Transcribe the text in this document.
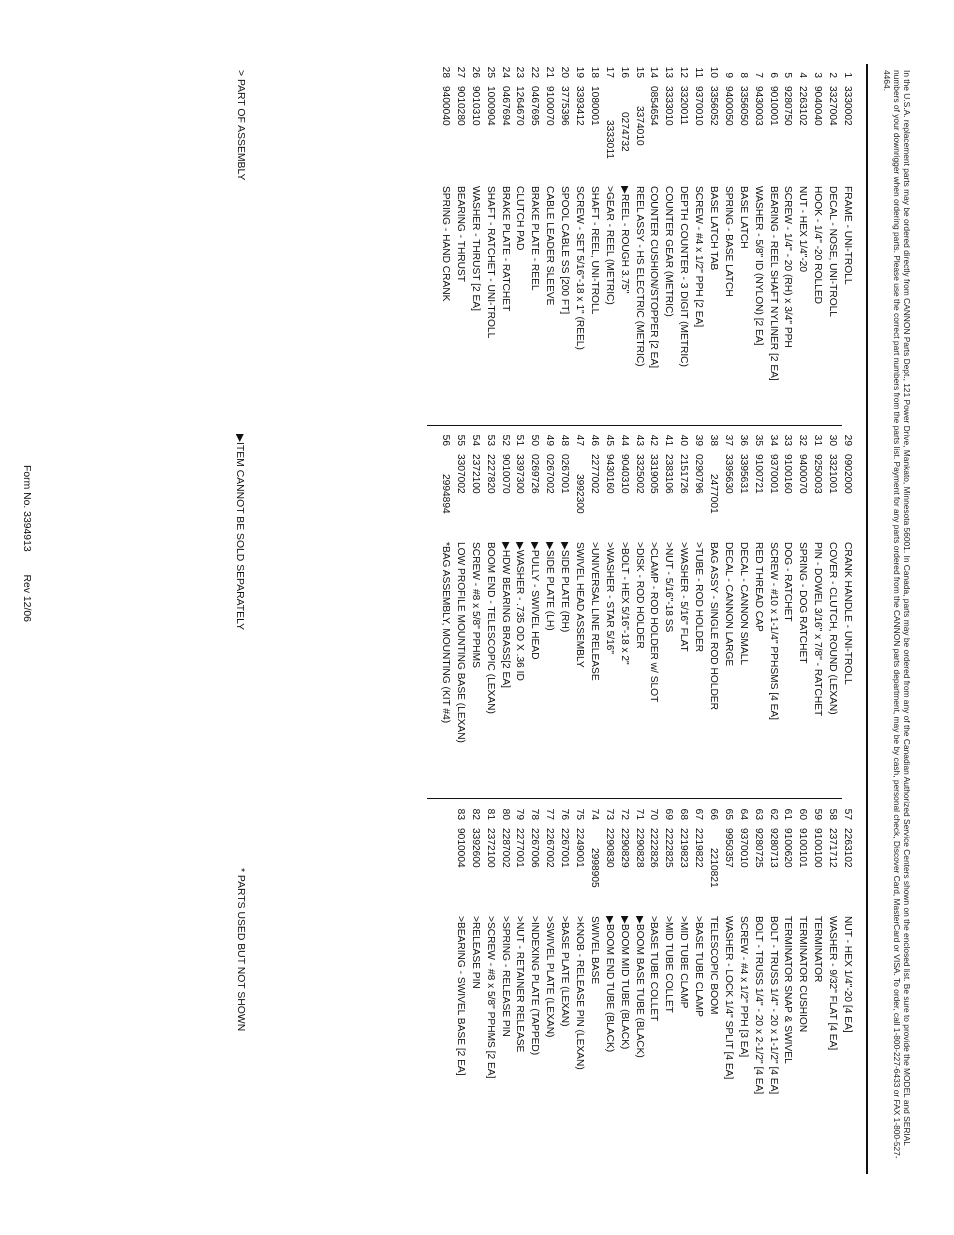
In the U.S.A. replacement parts may be ordered directly from CANNON Parts Dept., 121 Power Drive, Mankato, Minnesota 56001. In Canada, parts may be ordered from any of the Canadian Authorized Service Centers shown on the enclosed list. Be sure to provide the MODEL and SERIAL numbers of your downrigger when ordering parts. Please use the correct part numbers from the parts list. Payment for any parts ordered from the CANNON parts department, may be by cash, personal check, Discover Card, MasterCard or VISA. To order, call 1-800-227-6433 or FAX 1-800-527-4464.
1
3330002
FRAME - UNI-TROLL
2
3327004
DECAL - NOSE, UNI-TROLL
3
9040040
HOOK - 1/4" -20 ROLLED
4
2263102
NUT - HEX 1/4"-20
5
9280750
SCREW - 1/4" - 20 (RH) x 3/4" PPH
6
9010001
BEARING - REEL SHAFT NYLINER [2 EA]
7
9430003
WASHER - 5/8" ID (NYLON) [2 EA]
8
3356050
BASE LATCH
9
9400050
SPRING - BASE LATCH
10
3356052
BASE LATCH TAB
11
9370010
SCREW - #4 x 1/2" PPH [2 EA]
12
3320011
DEPTH COUNTER - 3 DIGIT (METRIC)
13
3333010
COUNTER GEAR (METRIC)
14
0854654
COUNTER CUSHION/STOPPER [2 EA]
15
3374010
REEL ASSY - HS ELECTRIC (METRIC)
16
0274732
▶REEL - ROUGH 3.75"
17
3333011
>GEAR - REEL (METRIC)
18
1080001
SHAFT - REEL, UNI-TROLL
19
3393412
SCREW - SET 5/16"-18 x 1" (REEL)
20
3775396
SPOOL CABLE SS [200 FT]
21
9100070
CABLE LEADER SLEEVE
22
0467695
BRAKE PLATE - REEL
23
1264670
CLUTCH PAD
24
0467694
BRAKE PLATE - RATCHET
25
1000904
SHAFT - RATCHET - UNI-TROLL
26
9010310
WASHER - THRUST [2 EA]
27
9010280
BEARING - THRUST
28
9400040
SPRING - HAND CRANK
29
0902000
CRANK HANDLE - UNI-TROLL
30
3321001
COVER - CLUTCH, ROUND (LEXAN)
31
9250003
PIN - DOWEL 3/16" x 7/8" - RATCHET
32
9400070
SPRING - DOG RATCHET
33
9100160
DOG - RATCHET
34
9370001
SCREW - #10 x 1-1/4" PPHSMS [4 EA]
35
9100721
RED THREAD CAP
36
3395631
DECAL - CANNON SMALL
37
3395630
DECAL - CANNON LARGE
38
2477001
BAG ASSY - SINGLE ROD HOLDER
39
0290796
>TUBE - ROD HOLDER
40
2151726
>WASHER - 5/16" FLAT
41
2383106
>NUT - 5/16"-18 SS
42
3319005
>CLAMP - ROD HOLDER w/ SLOT
43
3325002
>DISK - ROD HOLDER
44
9040310
>BOLT - HEX 5/16"-18 x 2"
45
9430160
>WASHER - STAR 5/16"
46
2277002
>UNIVERSAL LINE RELEASE
47
3992300
SWIVEL HEAD ASSEMBLY
48
0267001
▶SIDE PLATE (RH)
49
0267002
▶SIDE PLATE (LH)
50
0269726
▶PULLY - SWIVEL HEAD
51
3397300
▶WASHER - .735 OD X .36 ID
52
9010070
▶HDW BEARING BRASS[2 EA]
53
2227820
BOOM END - TELESCOPIC (LEXAN)
54
2372100
SCREW - #8 x 5/8" PPHMS
55
3307002
LOW PROFILE MOUNTING BASE (LEXAN)
56
2994894
*BAG ASSEMBLY, MOUNTING (KIT #4)
57
2263102
NUT - HEX 1/4"-20 [4 EA]
58
2371712
WASHER - 9/32" FLAT [4 EA]
59
9100100
TERMINATOR
60
9100101
TERMINATOR CUSHION
61
9100620
TERMINATOR SNAP & SWIVEL
62
9280713
BOLT - TRUSS 1/4" - 20 x 1-1/2" [4 EA]
63
9280725
BOLT - TRUSS 1/4" - 20 x 2-1/2" [4 EA]
64
9370010
SCREW - #4 x 1/2" PPH [3 EA]
65
9950357
WASHER - LOCK 1/4" SPLIT [4 EA]
66
2210821
TELESCOPIC BOOM
67
2219822
>BASE TUBE CLAMP
68
2219823
>MID TUBE CLAMP
69
2222825
>MID TUBE COLLET
70
2222826
>BASE TUBE COLLET
71
2290828
▶BOOM BASE TUBE (BLACK)
72
2290829
▶BOOM MID TUBE (BLACK)
73
2290830
▶BOOM END TUBE (BLACK)
74
2998905
SWIVEL BASE
75
2249001
>KNOB - RELEASE PIN (LEXAN)
76
2267001
>BASE PLATE (LEXAN)
77
2267002
>SWIVEL PLATE (LEXAN)
78
2267006
>INDEXING PLATE (TAPPED)
79
2277001
>NUT - RETAINER RELEASE
80
2287002
>SPRING - RELEASE PIN
81
2372100
>SCREW - #8 x 5/8" PPHMS [2 EA]
82
3392600
>RELEASE PIN
83
9010004
>BEARING - SWIVEL BASE [2 EA]
> PART OF ASSEMBLY
▶ITEM CANNOT BE SOLD SEPARATELY
* PARTS USED BUT NOT SHOWN
Form No. 3394913 Rev 12/06
